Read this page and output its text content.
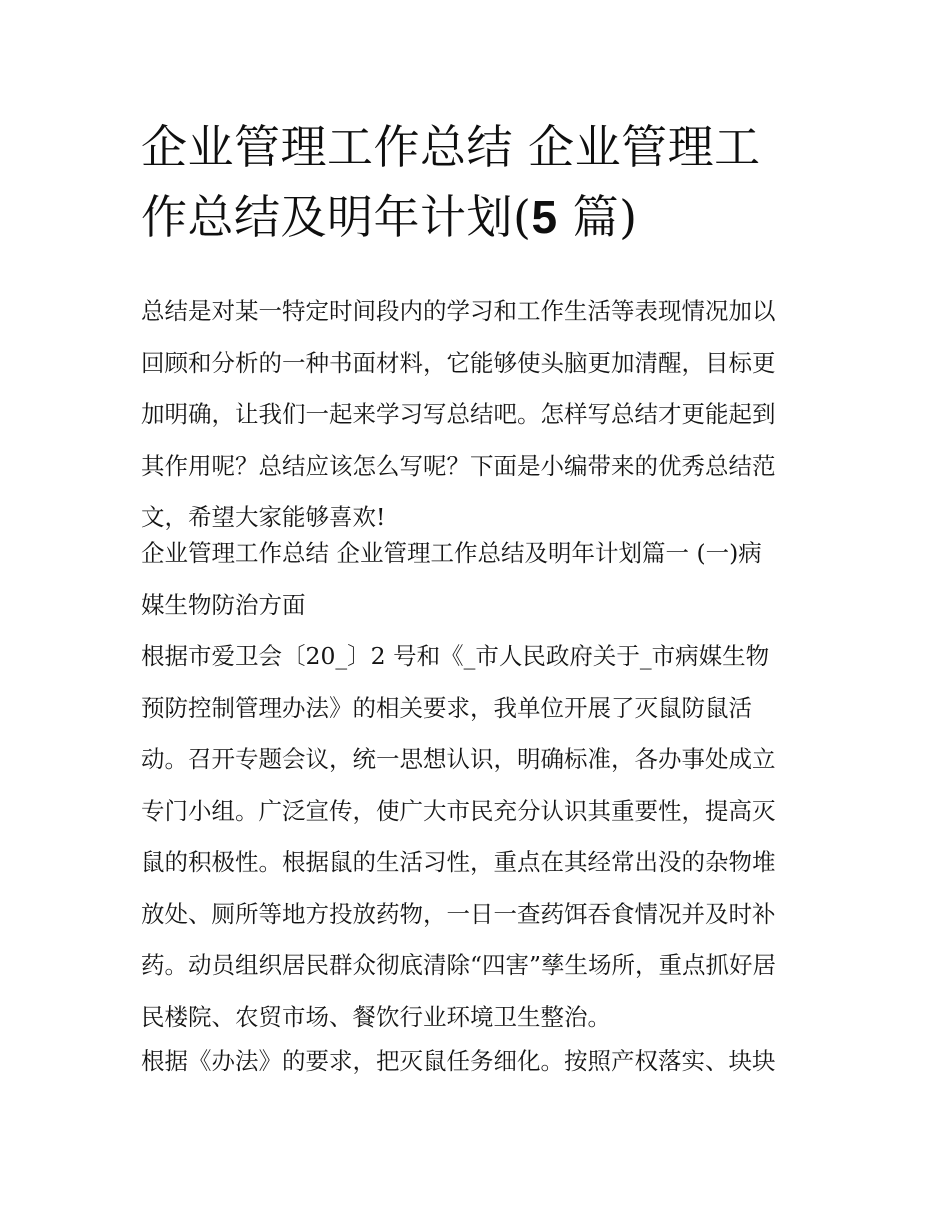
企业管理工作总结 企业管理工
作总结及明年计划(5 篇)
总结是对某一特定时间段内的学习和工作生活等表现情况加以
回顾和分析的一种书面材料，它能够使头脑更加清醒，目标更
加明确，让我们一起来学习写总结吧。怎样写总结才更能起到
其作用呢？总结应该怎么写呢？下面是小编带来的优秀总结范
文，希望大家能够喜欢!
企业管理工作总结 企业管理工作总结及明年计划篇一 (一)病
媒生物防治方面
根据市爱卫会〔20_〕2 号和《_市人民政府关于_市病媒生物
预防控制管理办法》的相关要求，我单位开展了灭鼠防鼠活
动。召开专题会议，统一思想认识，明确标准，各办事处成立
专门小组。广泛宣传，使广大市民充分认识其重要性，提高灭
鼠的积极性。根据鼠的生活习性，重点在其经常出没的杂物堆
放处、厕所等地方投放药物，一日一查药饵吞食情况并及时补
药。动员组织居民群众彻底清除“四害”孳生场所，重点抓好居
民楼院、农贸市场、餐饮行业环境卫生整治。
根据《办法》的要求，把灭鼠任务细化。按照产权落实、块块
